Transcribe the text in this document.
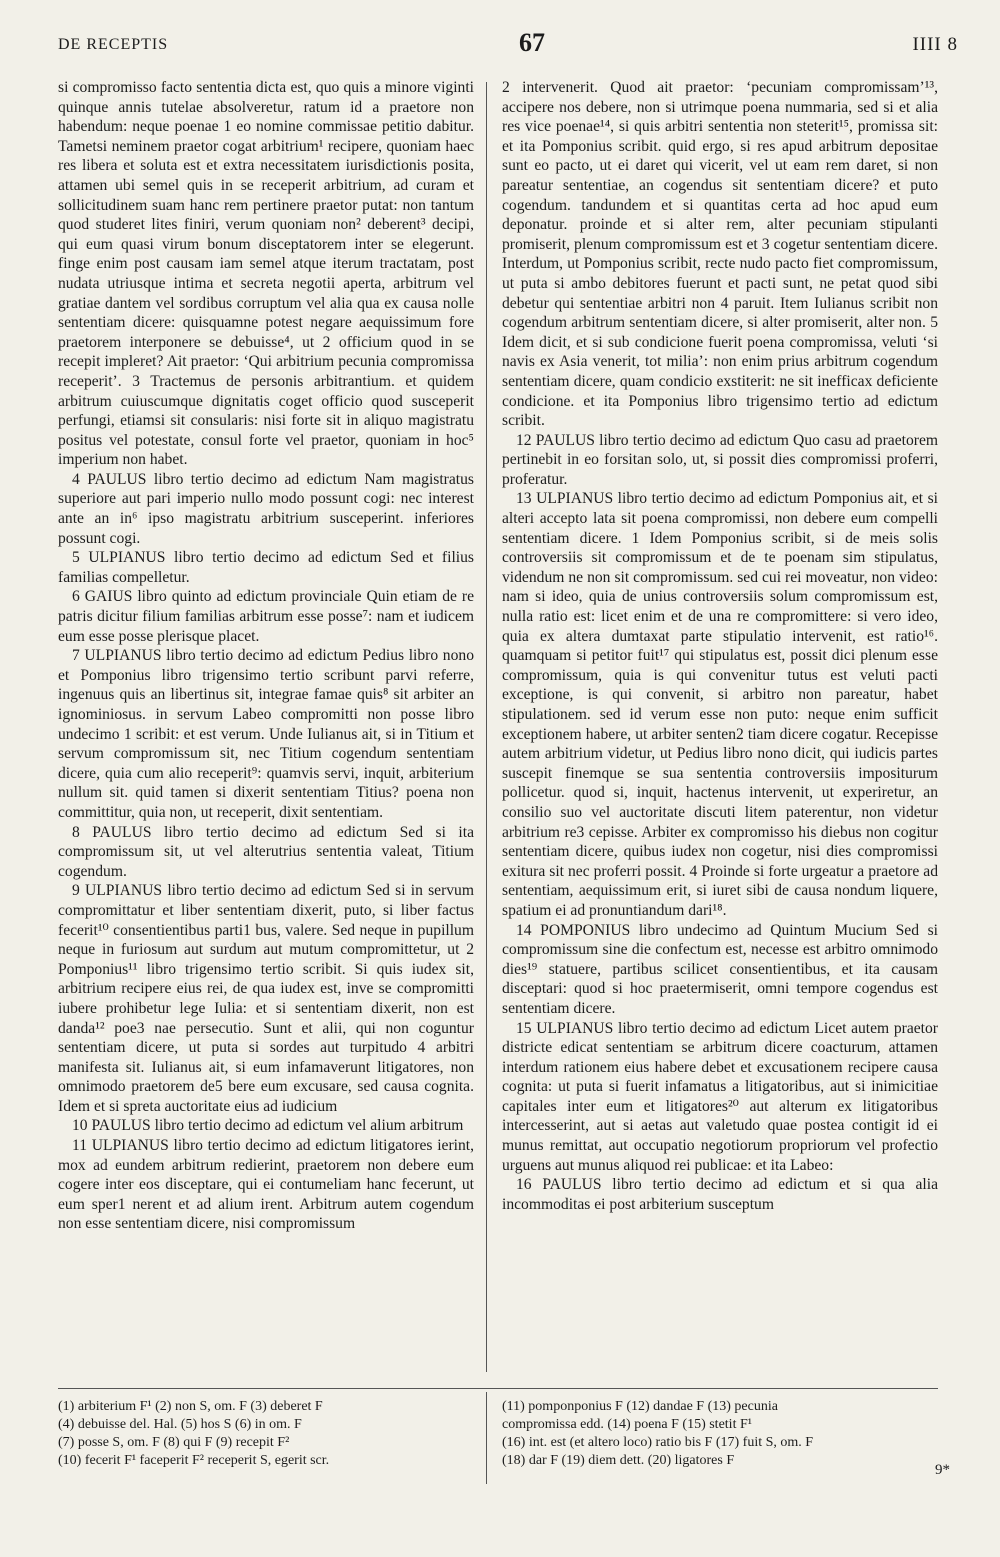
DE RECEPTIS	67	IIII 8

si compromisso facto sententia dicta est, quo quis a minore viginti quinque annis tutelae absolveretur, ratum id a praetore non habendum: neque poenae 1 eo nomine commissae petitio dabitur. Tametsi neminem praetor cogat arbitrium¹ recipere, quoniam haec res libera et soluta est et extra necessitatem iurisdictionis posita, attamen ubi semel quis in se receperit arbitrium, ad curam et sollicitudinem suam hanc rem pertinere praetor putat: non tantum quod studeret lites finiri, verum quoniam non² deberent³ decipi, qui eum quasi virum bonum disceptatorem inter se elegerunt. finge enim post causam iam semel atque iterum tractatam, post nudata utriusque intima et secreta negotii aperta, arbitrum vel gratiae dantem vel sordibus corruptum vel alia qua ex causa nolle sententiam dicere: quisquamne potest negare aequissimum fore praetorem interponere se debuisse⁴, ut 2 officium quod in se recepit impleret? Ait praetor: ‘Qui arbitrium pecunia compromissa receperit’. 3 Tractemus de personis arbitrantium. et quidem arbitrum cuiuscumque dignitatis coget officio quod susceperit perfungi, etiamsi sit consularis: nisi forte sit in aliquo magistratu positus vel potestate, consul forte vel praetor, quoniam in hoc⁵ imperium non habet.

4 PAULUS libro tertio decimo ad edictum Nam magistratus superiore aut pari imperio nullo modo possunt cogi: nec interest ante an in⁶ ipso magistratu arbitrium susceperint. inferiores possunt cogi.

5 ULPIANUS libro tertio decimo ad edictum Sed et filius familias compelletur.

6 GAIUS libro quinto ad edictum provinciale Quin etiam de re patris dicitur filium familias arbitrum esse posse⁷: nam et iudicem eum esse posse plerisque placet.

7 ULPIANUS libro tertio decimo ad edictum Pedius libro nono et Pomponius libro trigensimo tertio scribunt parvi referre, ingenuus quis an libertinus sit, integrae famae quis⁸ sit arbiter an ignominiosus. in servum Labeo compromitti non posse libro undecimo 1 scribit: et est verum. Unde Iulianus ait, si in Titium et servum compromissum sit, nec Titium cogendum sententiam dicere, quia cum alio receperit⁹: quamvis servi, inquit, arbiterium nullum sit. quid tamen si dixerit sententiam Titius? poena non committitur, quia non, ut receperit, dixit sententiam.

8 PAULUS libro tertio decimo ad edictum Sed si ita compromissum sit, ut vel alterutrius sententia valeat, Titium cogendum.

9 ULPIANUS libro tertio decimo ad edictum Sed si in servum compromittatur et liber sententiam dixerit, puto, si liber factus fecerit¹⁰ consentientibus parti1 bus, valere. Sed neque in pupillum neque in furiosum aut surdum aut mutum compromittetur, ut 2 Pomponius¹¹ libro trigensimo tertio scribit. Si quis iudex sit, arbitrium recipere eius rei, de qua iudex est, inve se compromitti iubere prohibetur lege Iulia: et si sententiam dixerit, non est danda¹² poe3 nae persecutio. Sunt et alii, qui non coguntur sententiam dicere, ut puta si sordes aut turpitudo 4 arbitri manifesta sit. Iulianus ait, si eum infamaverunt litigatores, non omnimodo praetorem de5 bere eum excusare, sed causa cognita. Idem et si spreta auctoritate eius ad iudicium

10 PAULUS libro tertio decimo ad edictum vel alium arbitrum

11 ULPIANUS libro tertio decimo ad edictum litigatores ierint, mox ad eundem arbitrum redierint, praetorem non debere eum cogere inter eos disceptare, qui ei contumeliam hanc fecerunt, ut eum sper1 nerent et ad alium irent. Arbitrum autem cogendum non esse sententiam dicere, nisi compromissum

2 intervenerit. Quod ait praetor: ‘pecuniam compromissam’¹³, accipere nos debere, non si utrimque poena nummaria, sed si et alia res vice poenae¹⁴, si quis arbitri sententia non steterit¹⁵, promissa sit: et ita Pomponius scribit. quid ergo, si res apud arbitrum depositae sunt eo pacto, ut ei daret qui vicerit, vel ut eam rem daret, si non pareatur sententiae, an cogendus sit sententiam dicere? et puto cogendum. tandundem et si quantitas certa ad hoc apud eum deponatur. proinde et si alter rem, alter pecuniam stipulanti promiserit, plenum compromissum est et 3 cogetur sententiam dicere. Interdum, ut Pomponius scribit, recte nudo pacto fiet compromissum, ut puta si ambo debitores fuerunt et pacti sunt, ne petat quod sibi debetur qui sententiae arbitri non 4 paruit. Item Iulianus scribit non cogendum arbitrum sententiam dicere, si alter promiserit, alter non. 5 Idem dicit, et si sub condicione fuerit poena compromissa, veluti ‘si navis ex Asia venerit, tot milia’: non enim prius arbitrum cogendum sententiam dicere, quam condicio exstiterit: ne sit inefficax deficiente condicione. et ita Pomponius libro trigensimo tertio ad edictum scribit.

12 PAULUS libro tertio decimo ad edictum Quo casu ad praetorem pertinebit in eo forsitan solo, ut, si possit dies compromissi proferri, proferatur.

13 ULPIANUS libro tertio decimo ad edictum Pomponius ait, et si alteri accepto lata sit poena compromissi, non debere eum compelli sententiam dicere. 1 Idem Pomponius scribit, si de meis solis controversiis sit compromissum et de te poenam sim stipulatus, videndum ne non sit compromissum. sed cui rei moveatur, non video: nam si ideo, quia de unius controversiis solum compromissum est, nulla ratio est: licet enim et de una re compromittere: si vero ideo, quia ex altera dumtaxat parte stipulatio intervenit, est ratio¹⁶. quamquam si petitor fuit¹⁷ qui stipulatus est, possit dici plenum esse compromissum, quia is qui convenitur tutus est veluti pacti exceptione, is qui convenit, si arbitro non pareatur, habet stipulationem. sed id verum esse non puto: neque enim sufficit exceptionem habere, ut arbiter senten2 tiam dicere cogatur. Recepisse autem arbitrium videtur, ut Pedius libro nono dicit, qui iudicis partes suscepit finemque se sua sententia controversiis impositurum pollicetur. quod si, inquit, hactenus intervenit, ut experiretur, an consilio suo vel auctoritate discuti litem paterentur, non videtur arbitrium re3 cepisse. Arbiter ex compromisso his diebus non cogitur sententiam dicere, quibus iudex non cogetur, nisi dies compromissi exitura sit nec proferri possit. 4 Proinde si forte urgeatur a praetore ad sententiam, aequissimum erit, si iuret sibi de causa nondum liquere, spatium ei ad pronuntiandum dari¹⁸.

14 POMPONIUS libro undecimo ad Quintum Mucium Sed si compromissum sine die confectum est, necesse est arbitro omnimodo dies¹⁹ statuere, partibus scilicet consentientibus, et ita causam disceptari: quod si hoc praetermiserit, omni tempore cogendus est sententiam dicere.

15 ULPIANUS libro tertio decimo ad edictum Licet autem praetor districte edicat sententiam se arbitrum dicere coacturum, attamen interdum rationem eius habere debet et excusationem recipere causa cognita: ut puta si fuerit infamatus a litigatoribus, aut si inimicitiae capitales inter eum et litigatores²⁰ aut alterum ex litigatoribus intercesserint, aut si aetas aut valetudo quae postea contigit id ei munus remittat, aut occupatio negotiorum propriorum vel profectio urguens aut munus aliquod rei publicae: et ita Labeo:

16 PAULUS libro tertio decimo ad edictum et si qua alia incommoditas ei post arbiterium susceptum

(1) arbiterium F¹ (2) non S, om. F (3) deberet F
(4) debuisse del. Hal. (5) hos S (6) in om. F
(7) posse S, om. F (8) qui F (9) recepit F²
(10) fecerit F¹ faceperit F² receperit S, egerit scr.
(11) pomponponius F (12) dandae F (13) pecunia
compromissa edd. (14) poena F (15) stetit F¹
(16) int. est (et altero loco) ratio bis F (17) fuit S, om. F
(18) dar F (19) diem dett. (20) ligatores F
9*
